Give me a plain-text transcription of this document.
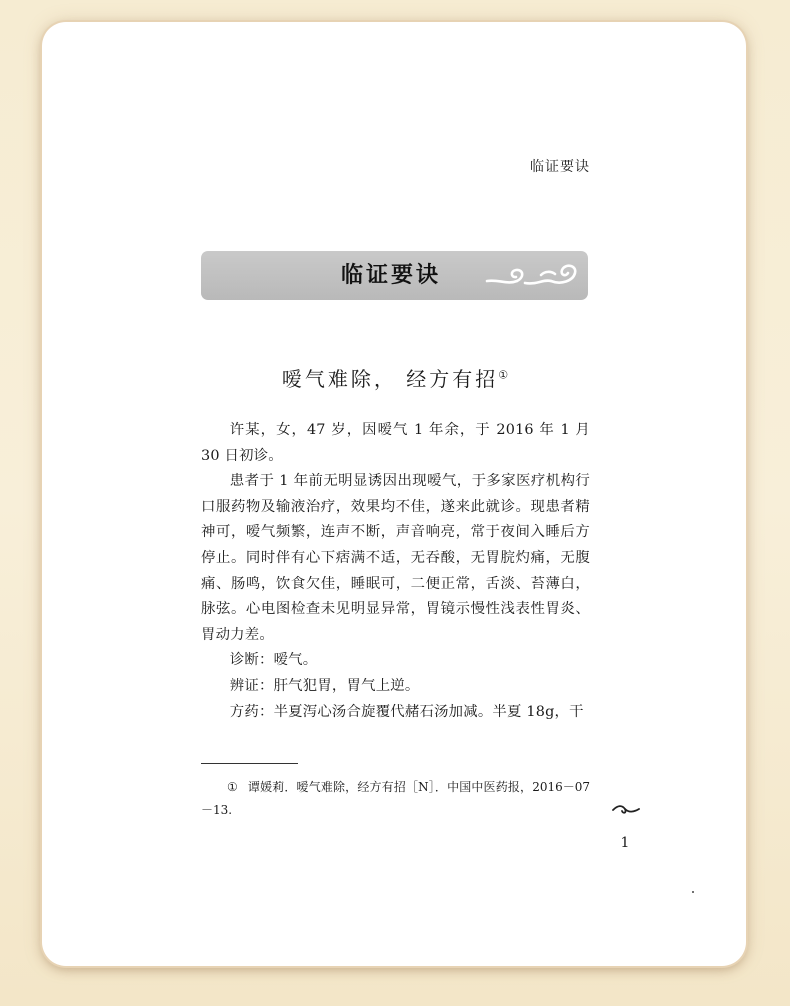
临证要诀
临证要诀
嗳气难除， 经方有招①

许某，女，47 岁，因嗳气 1 年余，于 2016 年 1 月 30 日初诊。

患者于 1 年前无明显诱因出现嗳气，于多家医疗机构行口服药物及输液治疗，效果均不佳，遂来此就诊。现患者精神可，嗳气频繁，连声不断，声音响亮，常于夜间入睡后方停止。同时伴有心下痞满不适，无吞酸，无胃脘灼痛，无腹痛、肠鸣，饮食欠佳，睡眠可，二便正常，舌淡、苔薄白，脉弦。心电图检查未见明显异常，胃镜示慢性浅表性胃炎、胃动力差。

诊断：嗳气。

辨证：肝气犯胃，胃气上逆。

方药：半夏泻心汤合旋覆代赭石汤加减。半夏 18g，干

① 谭媛莉．嗳气难除，经方有招［N］．中国中医药报，2016－07－13.
1
